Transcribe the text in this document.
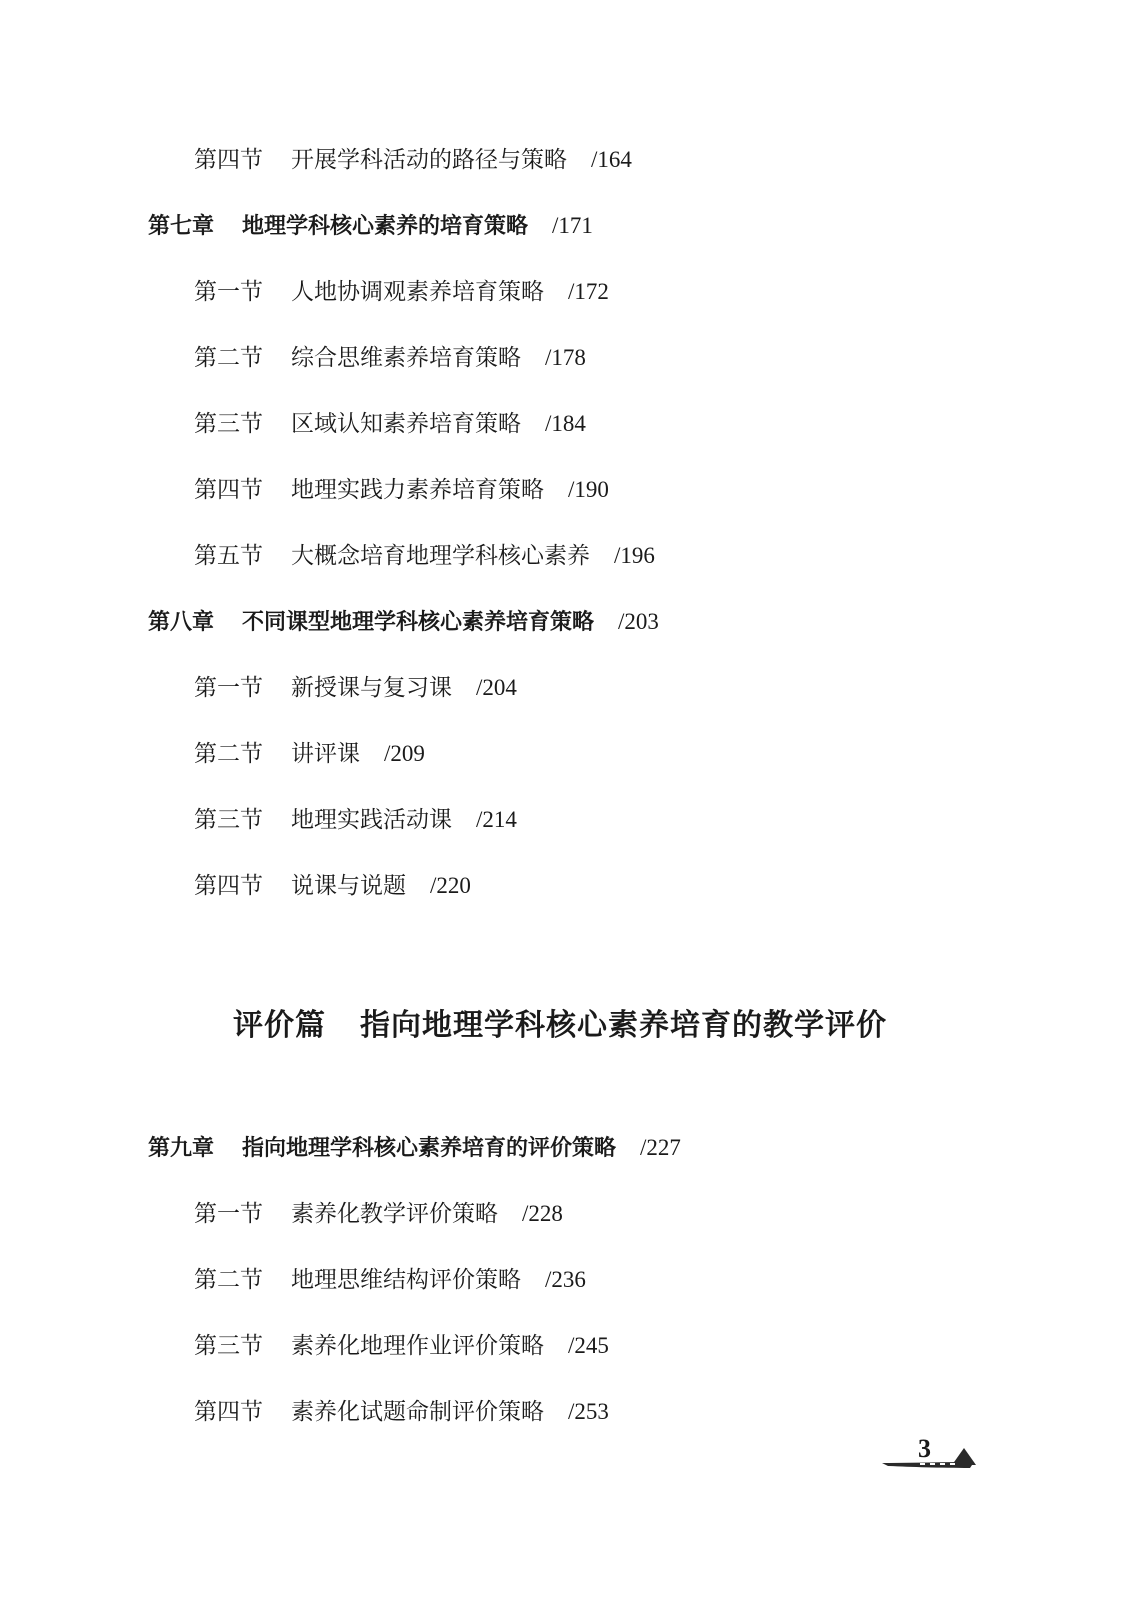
第四节 开展学科活动的路径与策略 /164
第七章 地理学科核心素养的培育策略 /171
第一节 人地协调观素养培育策略 /172
第二节 综合思维素养培育策略 /178
第三节 区域认知素养培育策略 /184
第四节 地理实践力素养培育策略 /190
第五节 大概念培育地理学科核心素养 /196
第八章 不同课型地理学科核心素养培育策略 /203
第一节 新授课与复习课 /204
第二节 讲评课 /209
第三节 地理实践活动课 /214
第四节 说课与说题 /220
评价篇 指向地理学科核心素养培育的教学评价
第九章 指向地理学科核心素养培育的评价策略 /227
第一节 素养化教学评价策略 /228
第二节 地理思维结构评价策略 /236
第三节 素养化地理作业评价策略 /245
第四节 素养化试题命制评价策略 /253
3
